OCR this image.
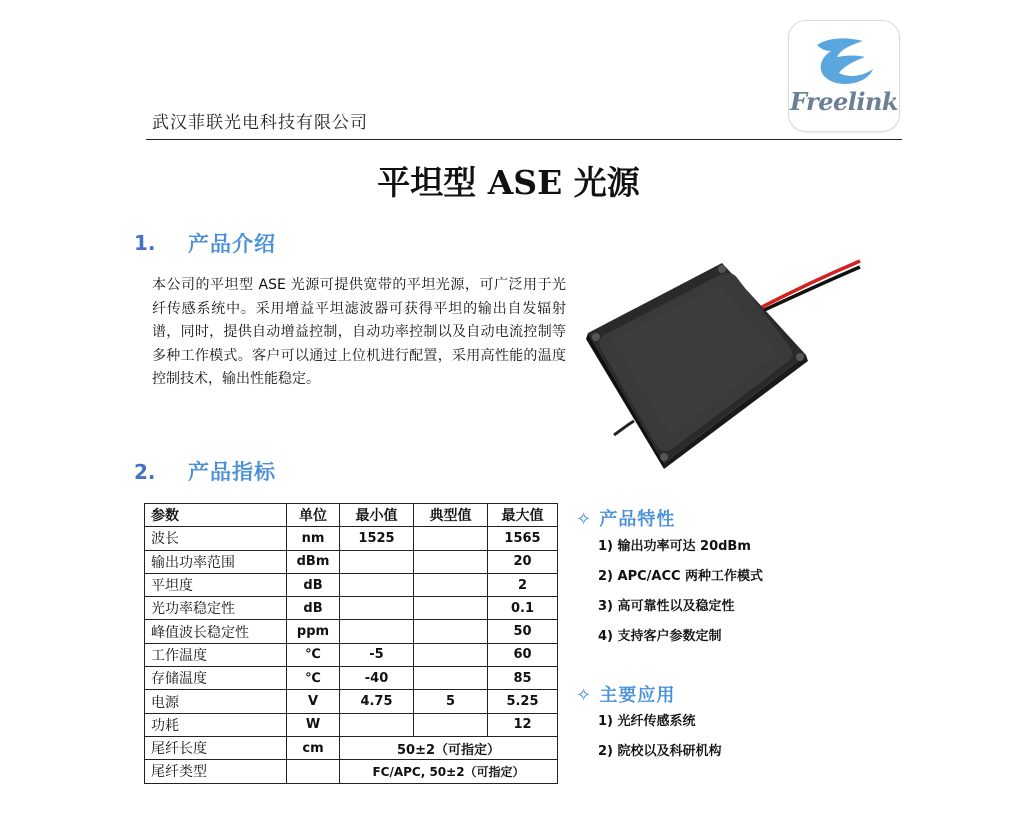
Freelink
武汉菲联光电科技有限公司
平坦型 ASE 光源
1. 产品介绍
本公司的平坦型 ASE 光源可提供宽带的平坦光源，可广泛用于光纤传感系统中。采用增益平坦滤波器可获得平坦的输出自发辐射谱，同时，提供自动增益控制，自动功率控制以及自动电流控制等多种工作模式。客户可以通过上位机进行配置，采用高性能的温度控制技术，输出性能稳定。
2. 产品指标
参数	单位	最小值	典型值	最大值
波长	nm	1525		1565
输出功率范围	dBm			20
平坦度	dB			2
光功率稳定性	dB			0.1
峰值波长稳定性	ppm			50
工作温度	℃	-5		60
存储温度	℃	-40		85
电源	V	4.75	5	5.25
功耗	W			12
尾纤长度	cm	50±2（可指定）		
尾纤类型		FC/APC, 50±2（可指定）		
✧ 产品特性
1) 输出功率可达 20dBm
2) APC/ACC 两种工作模式
3) 高可靠性以及稳定性
4) 支持客户参数定制
✧ 主要应用
1) 光纤传感系统
2) 院校以及科研机构
